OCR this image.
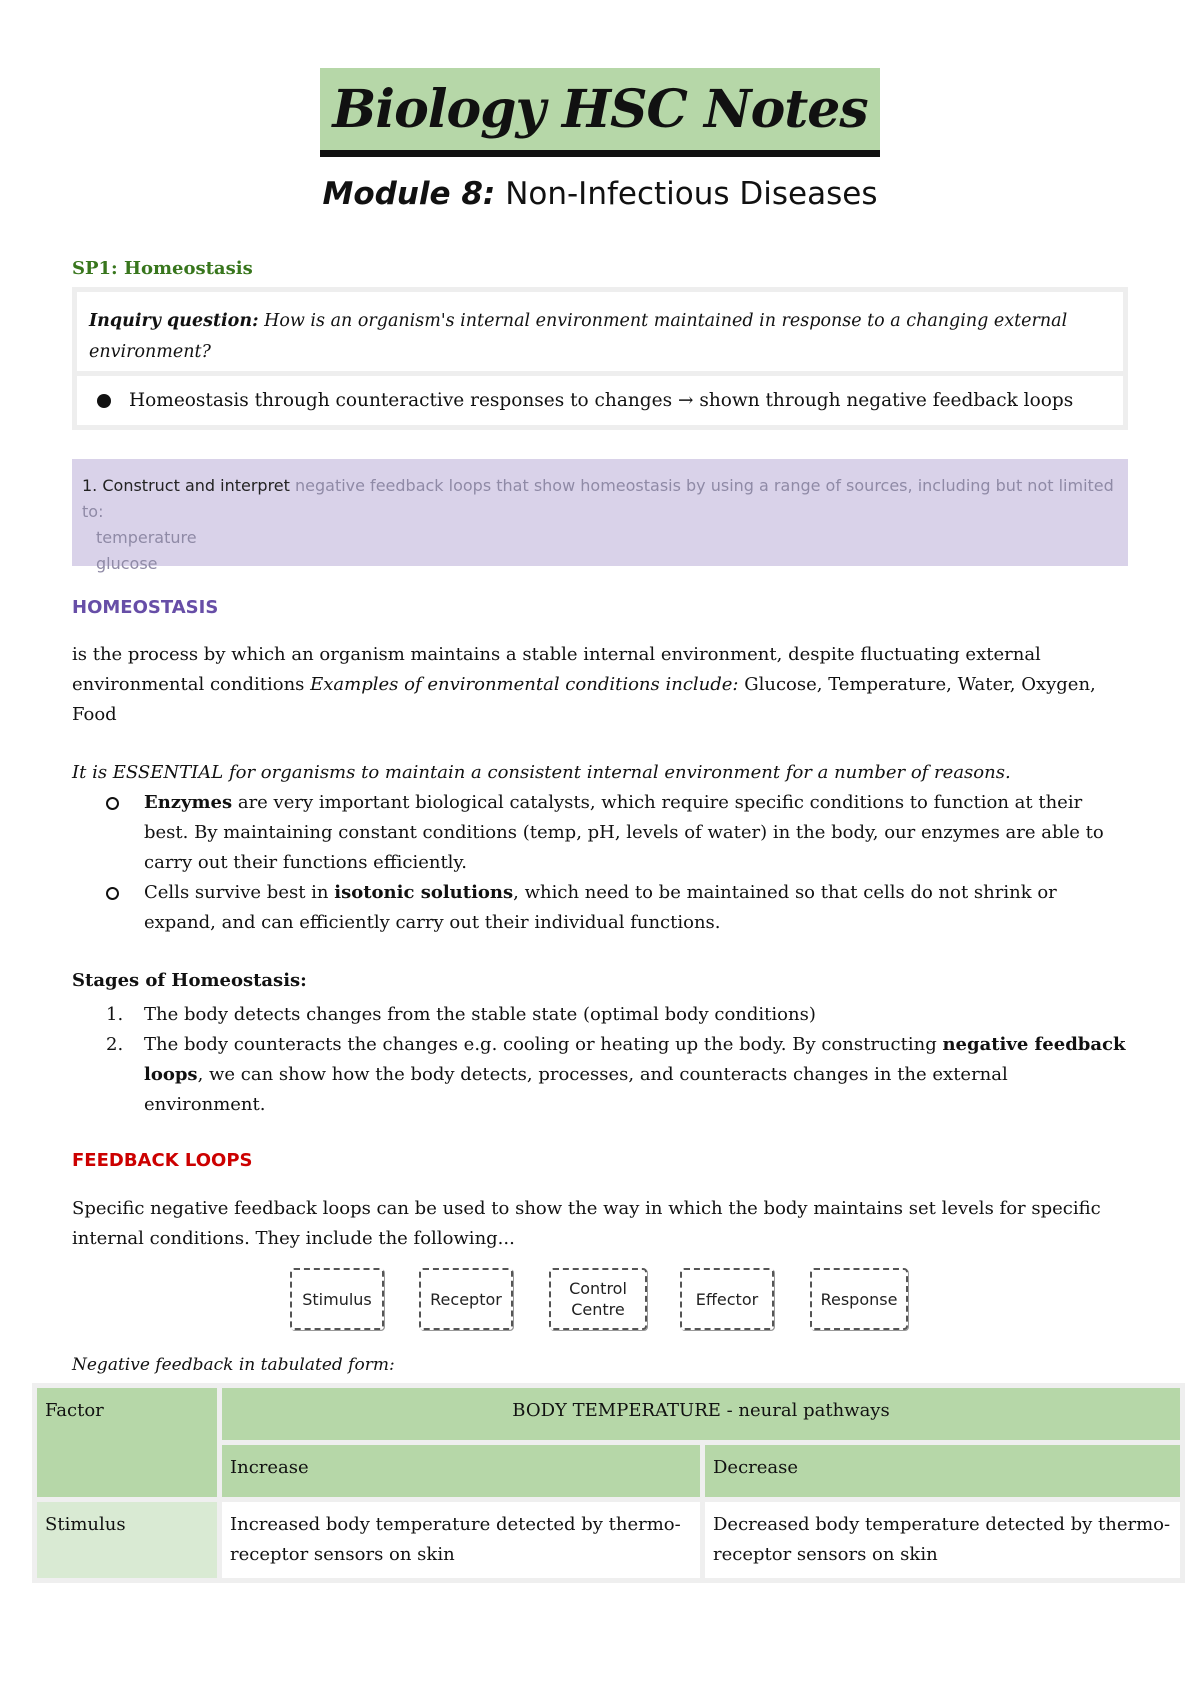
Biology HSC Notes
Module 8: Non-Infectious Diseases
SP1: Homeostasis
Inquiry question: How is an organism's internal environment maintained in response to a changing external environment?
Homeostasis through counteractive responses to changes → shown through negative feedback loops
1. Construct and interpret negative feedback loops that show homeostasis by using a range of sources, including but not limited to:
temperature
glucose
HOMEOSTASIS
is the process by which an organism maintains a stable internal environment, despite fluctuating external environmental conditions Examples of environmental conditions include: Glucose, Temperature, Water, Oxygen, Food
It is ESSENTIAL for organisms to maintain a consistent internal environment for a number of reasons.
Enzymes are very important biological catalysts, which require specific conditions to function at their best. By maintaining constant conditions (temp, pH, levels of water) in the body, our enzymes are able to carry out their functions efficiently.
Cells survive best in isotonic solutions, which need to be maintained so that cells do not shrink or expand, and can efficiently carry out their individual functions.
Stages of Homeostasis:
1. The body detects changes from the stable state (optimal body conditions)
2. The body counteracts the changes e.g. cooling or heating up the body. By constructing negative feedback loops, we can show how the body detects, processes, and counteracts changes in the external environment.
FEEDBACK LOOPS
Specific negative feedback loops can be used to show the way in which the body maintains set levels for specific internal conditions. They include the following...
Stimulus	Receptor
Control Centre
Effector	Response
Negative feedback in tabulated form:
Factor	BODY TEMPERATURE - neural pathways	
	Increase	Decrease
Stimulus	Increased body temperature detected by thermo-receptor sensors on skin	Decreased body temperature detected by thermo-receptor sensors on skin
